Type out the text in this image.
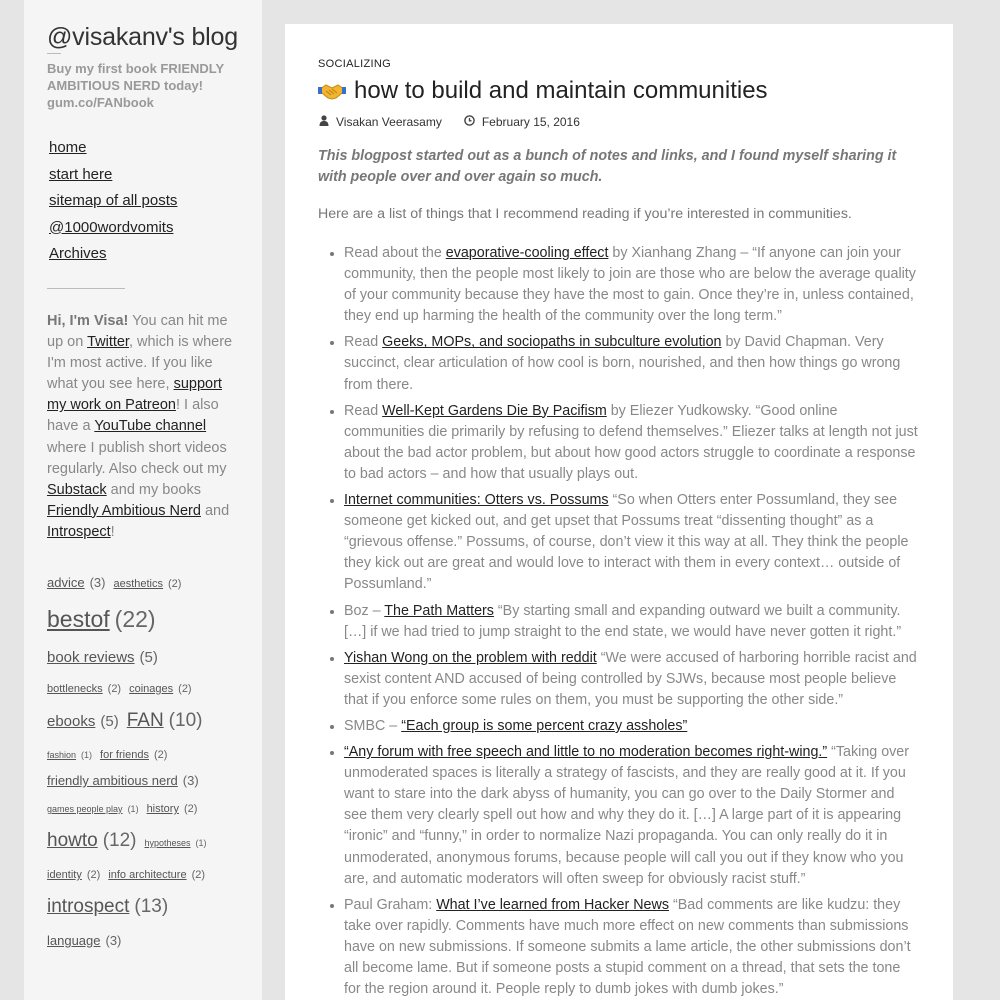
@visakanv's blog
Buy my first book FRIENDLY
AMBITIOUS NERD today!
gum.co/FANbook
home
start here
sitemap of all posts
@1000wordvomits
Archives

Hi, I'm Visa! You can hit me up on Twitter, which is where I'm most active. If you like what you see here, support my work on Patreon! I also have a YouTube channel where I publish short videos regularly. Also check out my Substack and my books Friendly Ambitious Nerd and Introspect!

advice (3) aesthetics (2)
bestof (22)
book reviews (5)
bottlenecks (2) coinages (2)
ebooks (5) FAN (10)
fashion (1) for friends (2)
friendly ambitious nerd (3)
games people play (1) history (2)
howto (12) hypotheses (1)
identity (2) info architecture (2)
introspect (13)
language (3)
SOCIALIZING
how to build and maintain communities
Visakan Veerasamy	February 15, 2016

This blogpost started out as a bunch of notes and links, and I found myself sharing it with people over and over again so much.

Here are a list of things that I recommend reading if you’re interested in communities.

Read about the evaporative-cooling effect by Xianhang Zhang – “If anyone can join your community, then the people most likely to join are those who are below the average quality of your community because they have the most to gain. Once they’re in, unless contained, they end up harming the health of the community over the long term.”
Read Geeks, MOPs, and sociopaths in subculture evolution by David Chapman. Very succinct, clear articulation of how cool is born, nourished, and then how things go wrong from there.
Read Well-Kept Gardens Die By Pacifism by Eliezer Yudkowsky. “Good online communities die primarily by refusing to defend themselves.” Eliezer talks at length not just about the bad actor problem, but about how good actors struggle to coordinate a response to bad actors – and how that usually plays out.
Internet communities: Otters vs. Possums “So when Otters enter Possumland, they see someone get kicked out, and get upset that Possums treat “dissenting thought” as a “grievous offense.” Possums, of course, don’t view it this way at all. They think the people they kick out are great and would love to interact with them in every context… outside of Possumland.”
Boz – The Path Matters “By starting small and expanding outward we built a community. […] if we had tried to jump straight to the end state, we would have never gotten it right.”
Yishan Wong on the problem with reddit “We were accused of harboring horrible racist and sexist content AND accused of being controlled by SJWs, because most people believe that if you enforce some rules on them, you must be supporting the other side.”
SMBC – “Each group is some percent crazy assholes”
“Any forum with free speech and little to no moderation becomes right-wing.” “Taking over unmoderated spaces is literally a strategy of fascists, and they are really good at it. If you want to stare into the dark abyss of humanity, you can go over to the Daily Stormer and see them very clearly spell out how and why they do it. […] A large part of it is appearing “ironic” and “funny,” in order to normalize Nazi propaganda. You can only really do it in unmoderated, anonymous forums, because people will call you out if they know who you are, and automatic moderators will often sweep for obviously racist stuff.”
Paul Graham: What I’ve learned from Hacker News “Bad comments are like kudzu: they take over rapidly. Comments have much more effect on new comments than submissions have on new submissions. If someone submits a lame article, the other submissions don’t all become lame. But if someone posts a stupid comment on a thread, that sets the tone for the region around it. People reply to dumb jokes with dumb jokes.”
